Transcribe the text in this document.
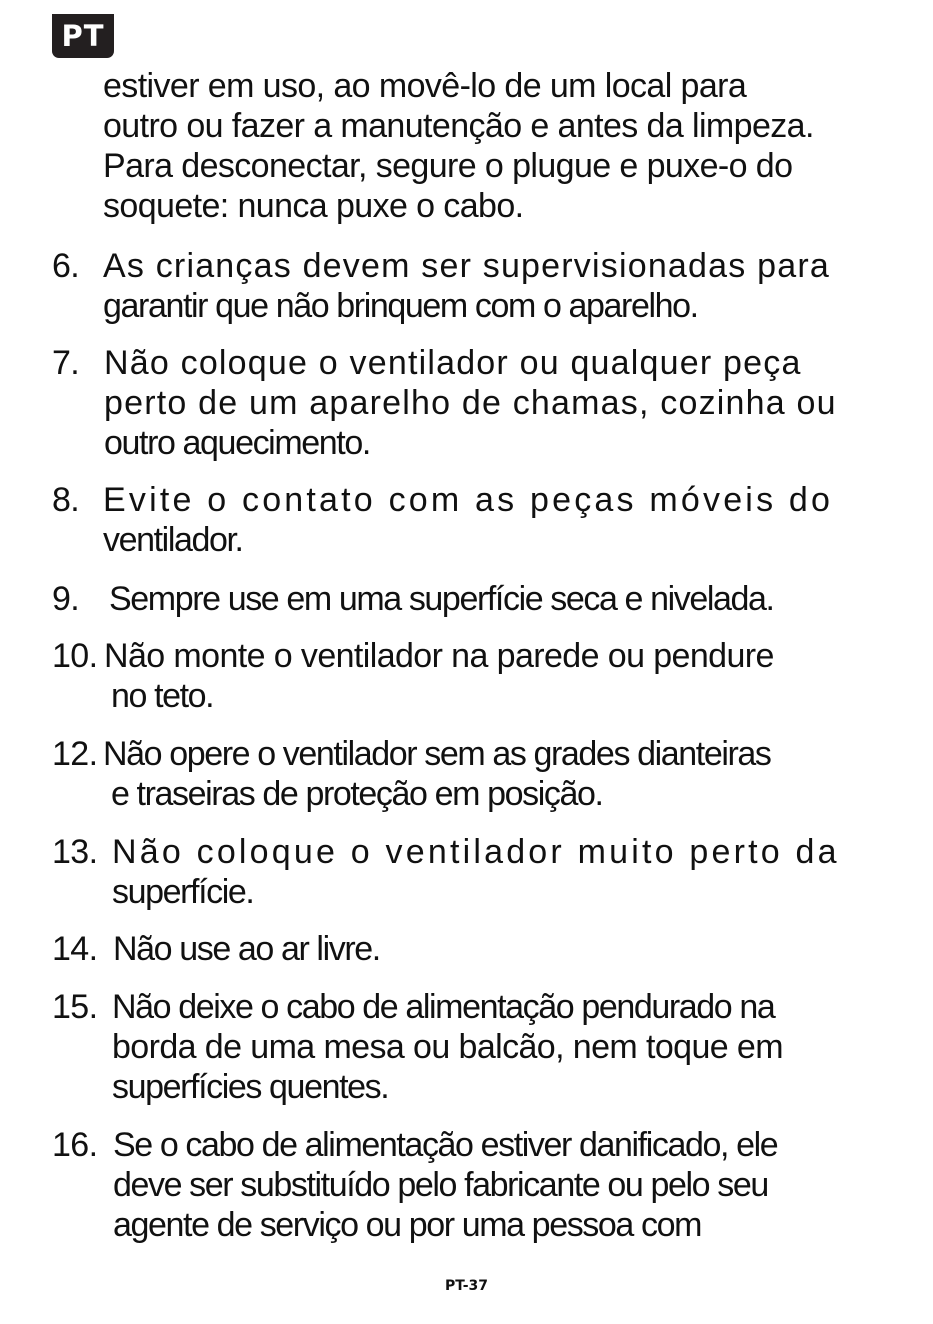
PT
estiver em uso, ao movê-lo de um local para
outro ou fazer a manutenção e antes da limpeza.
Para desconectar, segure o plugue e puxe-o do
soquete: nunca puxe o cabo.
6. As crianças devem ser supervisionadas para
garantir que não brinquem com o aparelho.
7. Não coloque o ventilador ou qualquer peça
perto de um aparelho de chamas, cozinha ou
outro aquecimento.
8. Evite o contato com as peças móveis do
ventilador.
9. Sempre use em uma superfície seca e nivelada.
10. Não monte o ventilador na parede ou pendure
no teto.
12. Não opere o ventilador sem as grades dianteiras
e traseiras de proteção em posição.
13. Não coloque o ventilador muito perto da
superfície.
14. Não use ao ar livre.
15. Não deixe o cabo de alimentação pendurado na
borda de uma mesa ou balcão, nem toque em
superfícies quentes.
16. Se o cabo de alimentação estiver danificado, ele
deve ser substituído pelo fabricante ou pelo seu
agente de serviço ou por uma pessoa com
PT-37
